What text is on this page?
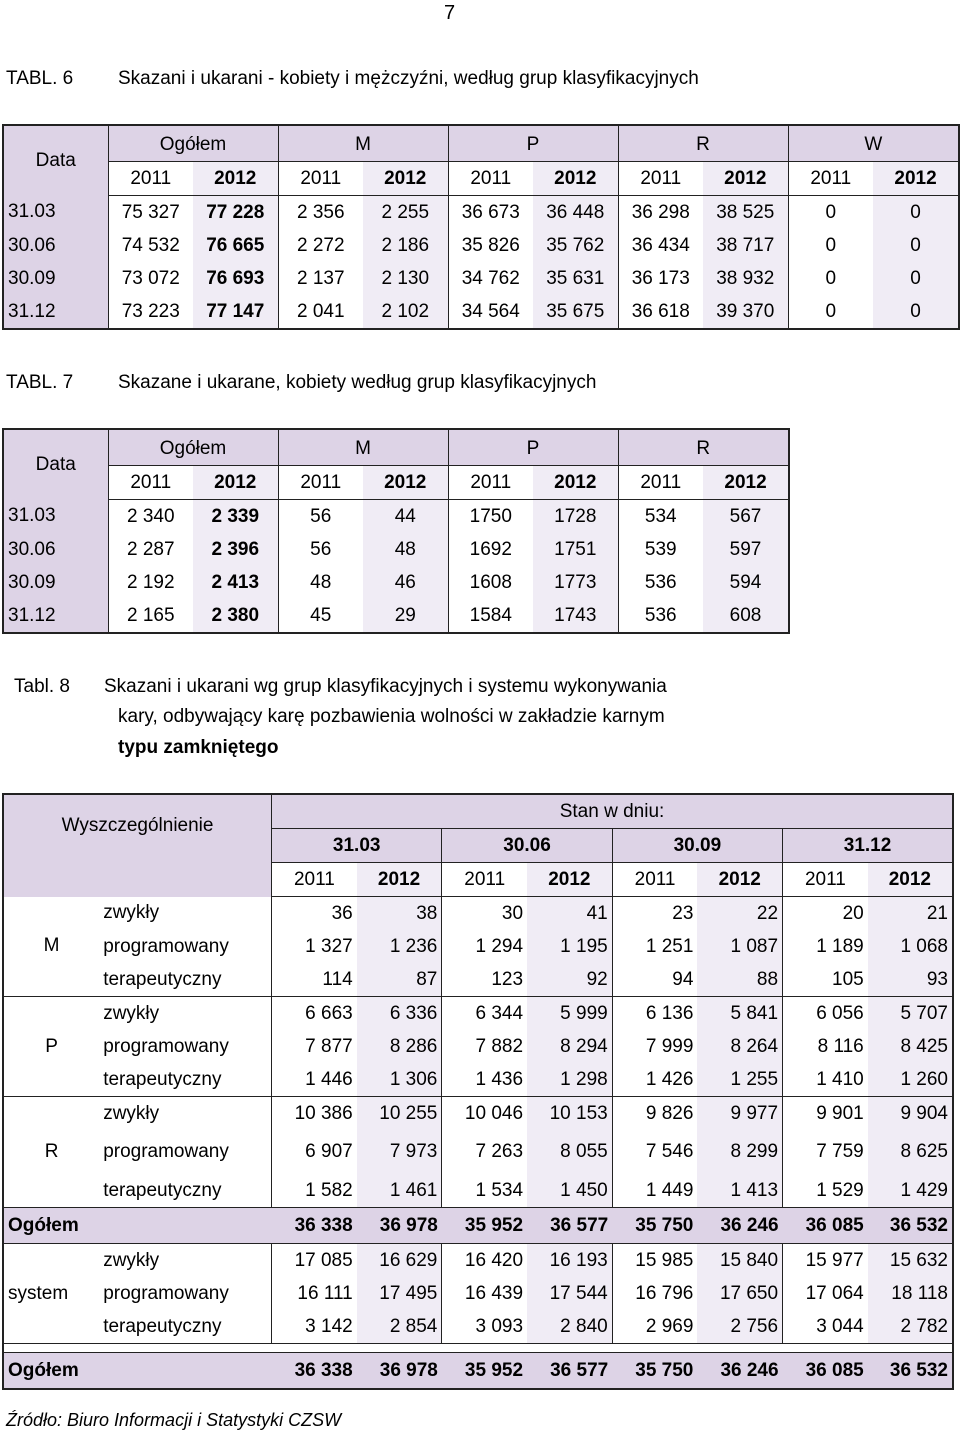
7
TABL. 6 Skazani i ukarani - kobiety i mężczyźni, według grup klasyfikacyjnych
Data	Ogółem		M		P		R		W	
	2011	2012	2011	2012	2011	2012	2011	2012	2011	2012
31.03	75 327	77 228	2 356	2 255	36 673	36 448	36 298	38 525	0	0
30.06	74 532	76 665	2 272	2 186	35 826	35 762	36 434	38 717	0	0
30.09	73 072	76 693	2 137	2 130	34 762	35 631	36 173	38 932	0	0
31.12	73 223	77 147	2 041	2 102	34 564	35 675	36 618	39 370	0	0
TABL. 7 Skazane i ukarane, kobiety według grup klasyfikacyjnych
Data	Ogółem		M		P		R	
	2011	2012	2011	2012	2011	2012	2011	2012
31.03	2 340	2 339	56	44	1750	1728	534	567
30.06	2 287	2 396	56	48	1692	1751	539	597
30.09	2 192	2 413	48	46	1608	1773	536	594
31.12	2 165	2 380	45	29	1584	1743	536	608
Tabl. 8 Skazani i ukarani wg grup klasyfikacyjnych i systemu wykonywania
kary, odbywający karę pozbawienia wolności w zakładzie karnym
typu zamkniętego
Wyszczególnienie		Stan w dniu:							
		31.03		30.06		30.09		31.12	
		2011	2012	2011	2012	2011	2012	2011	2012
M	zwykły	36	38	30	41	23	22	20	21
	programowany	1 327	1 236	1 294	1 195	1 251	1 087	1 189	1 068
	terapeutyczny	114	87	123	92	94	88	105	93
P	zwykły	6 663	6 336	6 344	5 999	6 136	5 841	6 056	5 707
	programowany	7 877	8 286	7 882	8 294	7 999	8 264	8 116	8 425
	terapeutyczny	1 446	1 306	1 436	1 298	1 426	1 255	1 410	1 260
R	zwykły	10 386	10 255	10 046	10 153	9 826	9 977	9 901	9 904
	programowany	6 907	7 973	7 263	8 055	7 546	8 299	7 759	8 625
	terapeutyczny	1 582	1 461	1 534	1 450	1 449	1 413	1 529	1 429
Ogółem		36 338	36 978	35 952	36 577	35 750	36 246	36 085	36 532
system	zwykły	17 085	16 629	16 420	16 193	15 985	15 840	15 977	15 632
	programowany	16 111	17 495	16 439	17 544	16 796	17 650	17 064	18 118
	terapeutyczny	3 142	2 854	3 093	2 840	2 969	2 756	3 044	2 782

Ogółem		36 338	36 978	35 952	36 577	35 750	36 246	36 085	36 532
Źródło: Biuro Informacji i Statystyki CZSW
